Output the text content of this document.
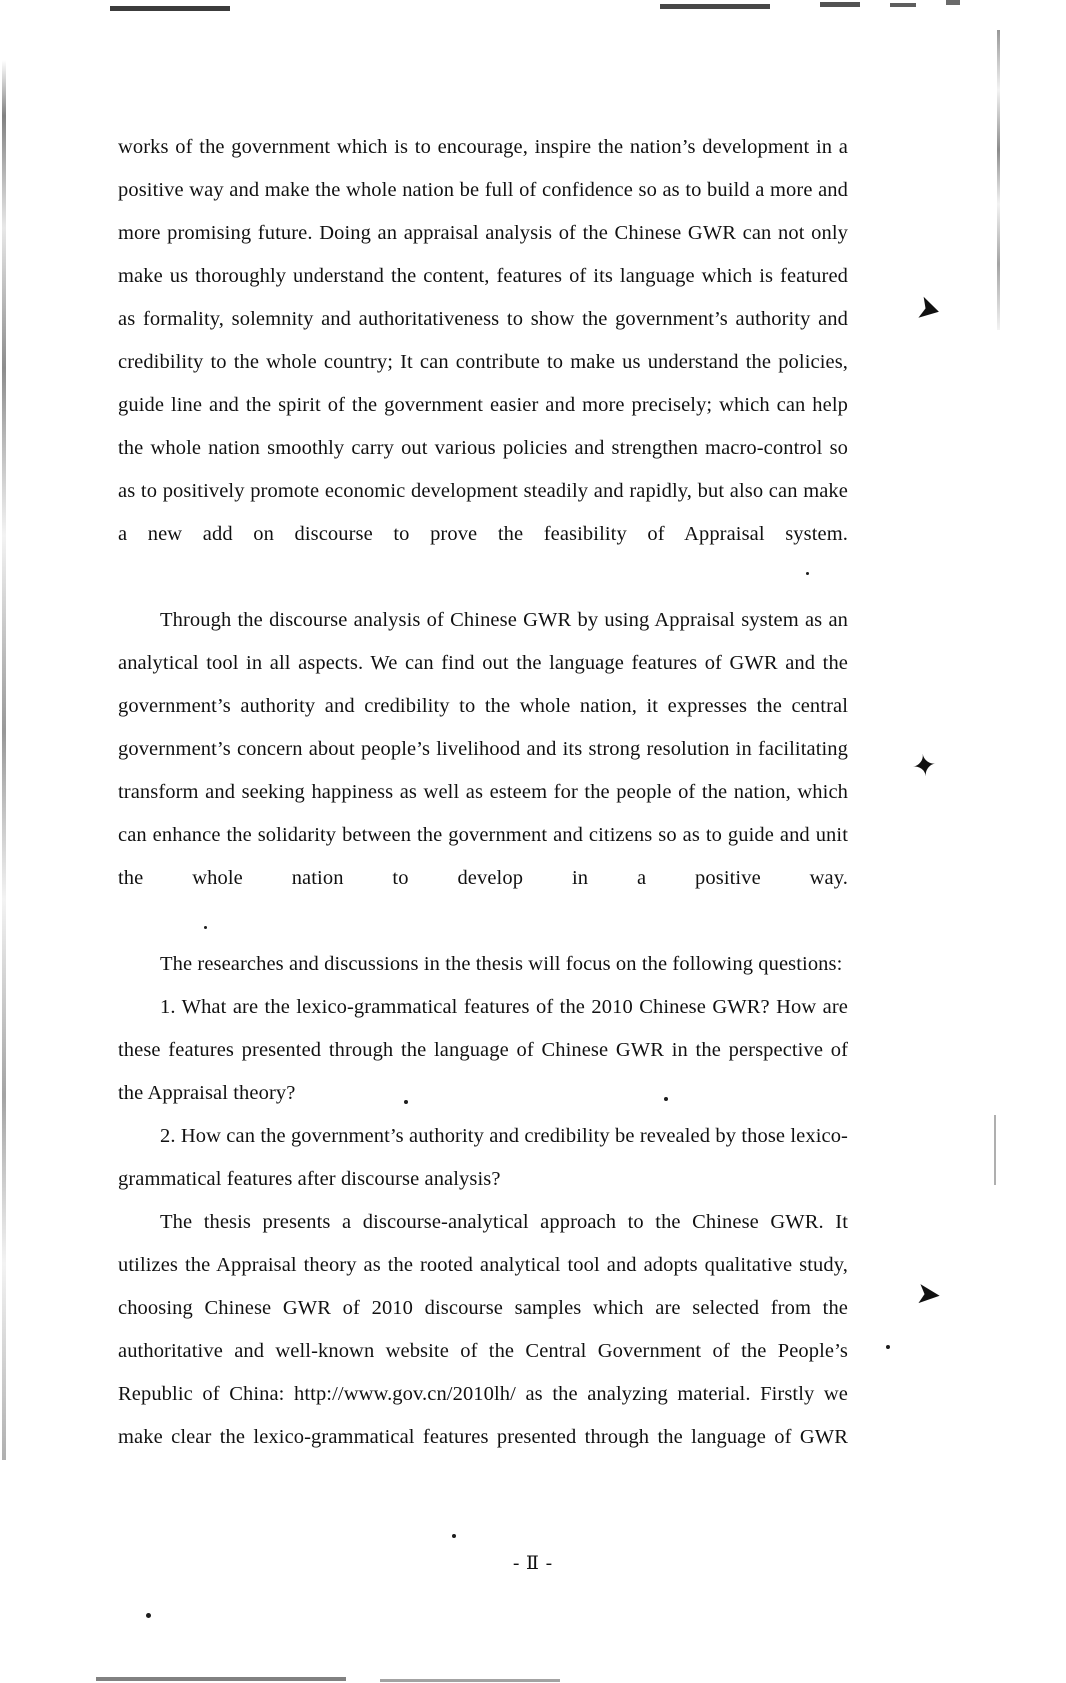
➤
✦
➤

works of the government which is to encourage, inspire the nation’s development in a positive way and make the whole nation be full of confidence so as to build a more and more promising future. Doing an appraisal analysis of the Chinese GWR can not only make us thoroughly understand the content, features of its language which is featured as formality, solemnity and authoritativeness to show the government’s authority and credibility to the whole country; It can contribute to make us understand the policies, guide line and the spirit of the government easier and more precisely; which can help the whole nation smoothly carry out various policies and strengthen macro-control so as to positively promote economic development steadily and rapidly, but also can make a new add on discourse to prove the feasibility of Appraisal system.

Through the discourse analysis of Chinese GWR by using Appraisal system as an analytical tool in all aspects. We can find out the language features of GWR and the government’s authority and credibility to the whole nation, it expresses the central government’s concern about people’s livelihood and its strong resolution in facilitating transform and seeking happiness as well as esteem for the people of the nation, which can enhance the solidarity between the government and citizens so as to guide and unit the whole nation to develop in a positive way.

The researches and discussions in the thesis will focus on the following questions:

1. What are the lexico-grammatical features of the 2010 Chinese GWR? How are these features presented through the language of Chinese GWR in the perspective of the Appraisal theory?

2. How can the government’s authority and credibility be revealed by those lexico-grammatical features after discourse analysis?

The thesis presents a discourse-analytical approach to the Chinese GWR. It utilizes the Appraisal theory as the rooted analytical tool and adopts qualitative study, choosing Chinese GWR of 2010 discourse samples which are selected from the authoritative and well-known website of the Central Government of the People’s Republic of China: http://www.gov.cn/2010lh/ as the analyzing material. Firstly we make clear the lexico-grammatical features presented through the language of GWR

- Ⅱ -
